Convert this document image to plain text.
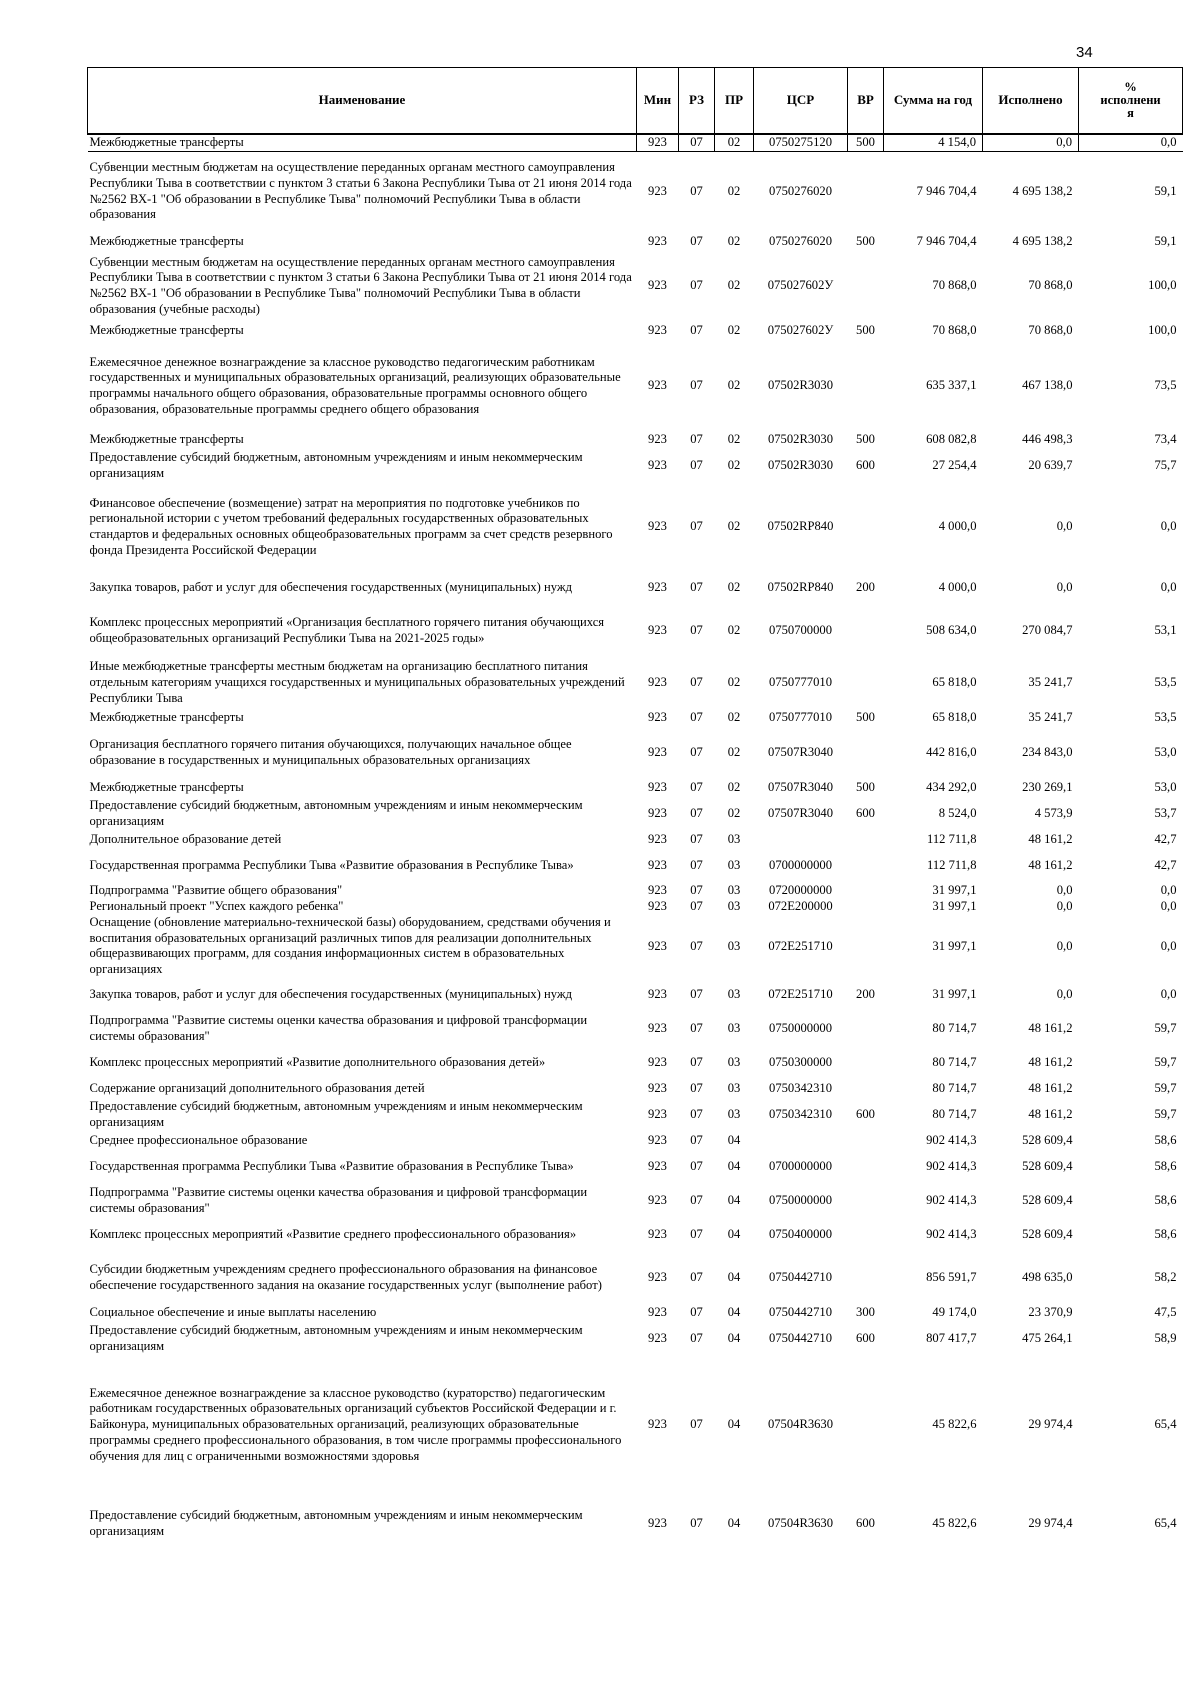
34
Наименование	Мин	РЗ	ПР	ЦСР	ВР	Сумма на год	Исполнено	%
исполнени
я

Межбюджетные трансферты	923	07	02	0750275120	500	4 154,0	0,0	0,0
Субвенции местным бюджетам на осуществление переданных органам местного самоуправления Республики Тыва в соответствии с пунктом 3 статьи 6 Закона Республики Тыва от 21 июня 2014 года №2562 ВХ-1 "Об образовании в Республике Тыва" полномочий Республики Тыва в области образования	923	07	02	0750276020		7 946 704,4	4 695 138,2	59,1
Межбюджетные трансферты	923	07	02	0750276020	500	7 946 704,4	4 695 138,2	59,1
Субвенции местным бюджетам на осуществление переданных органам местного самоуправления Республики Тыва в соответствии с пунктом 3 статьи 6 Закона Республики Тыва от 21 июня 2014 года №2562 ВХ-1 "Об образовании в Республике Тыва" полномочий Республики Тыва в области образования (учебные расходы)	923	07	02	075027602У		70 868,0	70 868,0	100,0
Межбюджетные трансферты	923	07	02	075027602У	500	70 868,0	70 868,0	100,0
Ежемесячное денежное вознаграждение за классное руководство педагогическим работникам государственных и муниципальных образовательных организаций, реализующих образовательные программы начального общего образования, образовательные программы основного общего образования, образовательные программы среднего общего образования	923	07	02	07502R3030		635 337,1	467 138,0	73,5
Межбюджетные трансферты	923	07	02	07502R3030	500	608 082,8	446 498,3	73,4
Предоставление субсидий бюджетным, автономным учреждениям и иным некоммерческим организациям	923	07	02	07502R3030	600	27 254,4	20 639,7	75,7
Финансовое обеспечение (возмещение) затрат на мероприятия по подготовке учебников по региональной истории с учетом требований федеральных государственных образовательных стандартов и федеральных основных общеобразовательных программ за счет средств резервного фонда Президента Российской Федерации	923	07	02	07502RP840		4 000,0	0,0	0,0
Закупка товаров, работ и услуг для обеспечения государственных (муниципальных) нужд	923	07	02	07502RP840	200	4 000,0	0,0	0,0
Комплекс процессных мероприятий «Организация бесплатного горячего питания обучающихся общеобразовательных организаций Республики Тыва на 2021-2025 годы»	923	07	02	0750700000		508 634,0	270 084,7	53,1
Иные межбюджетные трансферты местным бюджетам на организацию бесплатного питания отдельным категориям учащихся государственных и муниципальных образовательных учреждений Республики Тыва	923	07	02	0750777010		65 818,0	35 241,7	53,5
Межбюджетные трансферты	923	07	02	0750777010	500	65 818,0	35 241,7	53,5
Организация бесплатного горячего питания обучающихся, получающих начальное общее образование в государственных и муниципальных образовательных организациях	923	07	02	07507R3040		442 816,0	234 843,0	53,0
Межбюджетные трансферты	923	07	02	07507R3040	500	434 292,0	230 269,1	53,0
Предоставление субсидий бюджетным, автономным учреждениям и иным некоммерческим организациям	923	07	02	07507R3040	600	8 524,0	4 573,9	53,7
Дополнительное образование детей	923	07	03			112 711,8	48 161,2	42,7
Государственная программа Республики Тыва «Развитие образования в Республике Тыва»	923	07	03	0700000000		112 711,8	48 161,2	42,7
Подпрограмма "Развитие общего образования"	923	07	03	0720000000		31 997,1	0,0	0,0
Региональный проект "Успех каждого ребенка"	923	07	03	072E200000		31 997,1	0,0	0,0
Оснащение (обновление материально-технической базы) оборудованием, средствами обучения и воспитания образовательных организаций различных типов для реализации дополнительных общеразвивающих программ, для создания информационных систем в образовательных организациях	923	07	03	072E251710		31 997,1	0,0	0,0
Закупка товаров, работ и услуг для обеспечения государственных (муниципальных) нужд	923	07	03	072E251710	200	31 997,1	0,0	0,0
Подпрограмма "Развитие системы оценки качества образования и цифровой трансформации системы образования"	923	07	03	0750000000		80 714,7	48 161,2	59,7
Комплекс процессных мероприятий «Развитие дополнительного образования детей»	923	07	03	0750300000		80 714,7	48 161,2	59,7
Содержание организаций дополнительного образования детей	923	07	03	0750342310		80 714,7	48 161,2	59,7
Предоставление субсидий бюджетным, автономным учреждениям и иным некоммерческим организациям	923	07	03	0750342310	600	80 714,7	48 161,2	59,7
Среднее профессиональное образование	923	07	04			902 414,3	528 609,4	58,6
Государственная программа Республики Тыва «Развитие образования в Республике Тыва»	923	07	04	0700000000		902 414,3	528 609,4	58,6
Подпрограмма "Развитие системы оценки качества образования и цифровой трансформации системы образования"	923	07	04	0750000000		902 414,3	528 609,4	58,6
Комплекс процессных мероприятий «Развитие среднего профессионального образования»	923	07	04	0750400000		902 414,3	528 609,4	58,6
Субсидии бюджетным учреждениям среднего профессионального образования на финансовое обеспечение государственного задания на оказание государственных услуг (выполнение работ)	923	07	04	0750442710		856 591,7	498 635,0	58,2
Социальное обеспечение и иные выплаты населению	923	07	04	0750442710	300	49 174,0	23 370,9	47,5
Предоставление субсидий бюджетным, автономным учреждениям и иным некоммерческим организациям	923	07	04	0750442710	600	807 417,7	475 264,1	58,9
Ежемесячное денежное вознаграждение за классное руководство (кураторство) педагогическим работникам государственных образовательных организаций субъектов Российской Федерации и г. Байконура, муниципальных образовательных организаций, реализующих образовательные программы среднего профессионального образования, в том числе программы профессионального обучения для лиц с ограниченными возможностями здоровья	923	07	04	07504R3630		45 822,6	29 974,4	65,4
Предоставление субсидий бюджетным, автономным учреждениям и иным некоммерческим организациям	923	07	04	07504R3630	600	45 822,6	29 974,4	65,4
